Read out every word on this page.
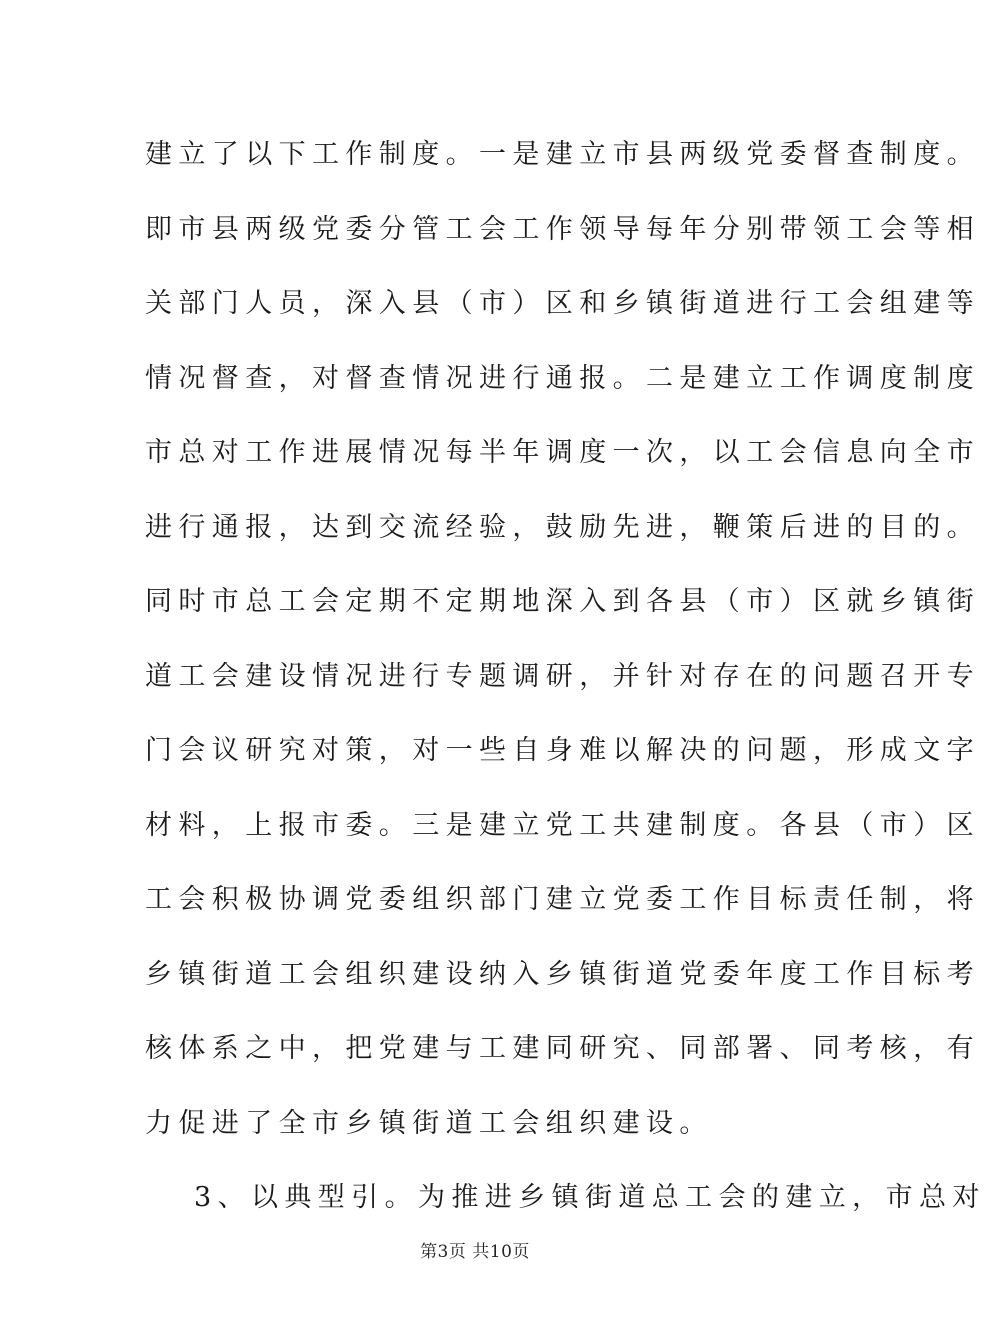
建立了以下工作制度。一是建立市县两级党委督查制度。
即市县两级党委分管工会工作领导每年分别带领工会等相
关部门人员，深入县（市）区和乡镇街道进行工会组建等
情况督查，对督查情况进行通报。二是建立工作调度制度
市总对工作进展情况每半年调度一次，以工会信息向全市
进行通报，达到交流经验，鼓励先进，鞭策后进的目的。
同时市总工会定期不定期地深入到各县（市）区就乡镇街
道工会建设情况进行专题调研，并针对存在的问题召开专
门会议研究对策，对一些自身难以解决的问题，形成文字
材料，上报市委。三是建立党工共建制度。各县（市）区
工会积极协调党委组织部门建立党委工作目标责任制，将
乡镇街道工会组织建设纳入乡镇街道党委年度工作目标考
核体系之中，把党建与工建同研究、同部署、同考核，有
力促进了全市乡镇街道工会组织建设。
3、以典型引。为推进乡镇街道总工会的建立，市总对
第3页 共10页
